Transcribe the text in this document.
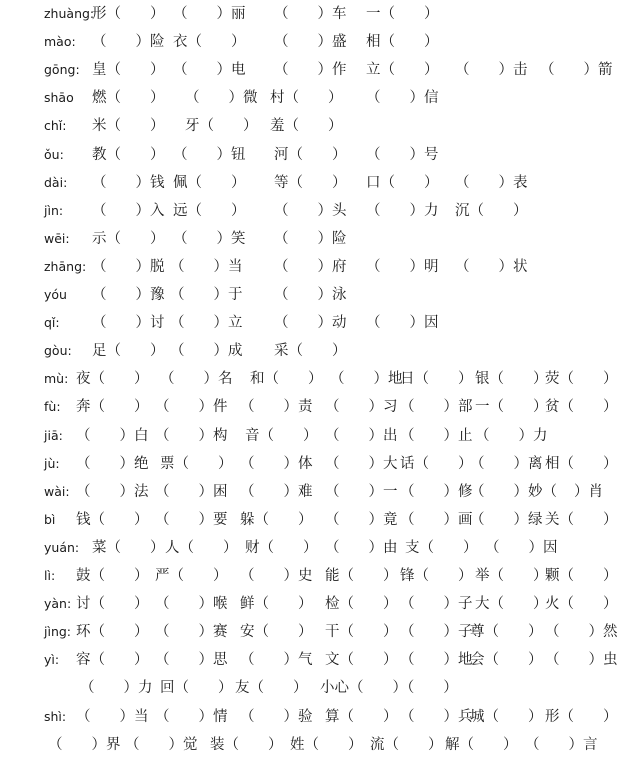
zhuàng:
形（　　） （　　）丽 （　　）车 一（　　）
mào: （　　）险 衣（　　） （　　）盛 相（　　）
gōng: 皇（　　） （　　）电 （　　）作 立（　　） （　　）击 （　　）箭
shāo 燃（　　） （　　）微 村（　　） （　　）信
chǐ: 米（　　） 牙（　　） 羞（　　）
ǒu: 教（　　） （　　）钮 河（　　） （　　）号
dài: （　　）钱 佩（　　） 等（　　） 口（　　） （　　）表
jìn: （　　）入 远（　　） （　　）头 （　　）力 沉（　　）
wēi: 示（　　） （　　）笑 （　　）险
zhāng: （　　）脱 （　　）当 （　　）府 （　　）明 （　　）状
yóu （　　）豫 （　　）于 （　　）泳
qǐ: （　　）讨 （　　）立 （　　）动 （　　）因
gòu: 足（　　） （　　）成 采（　　）
mù: 夜（　　） （　　）名 和（　　） （　　）地
日（　　） 银（　　）
荧（　　）
fù: 奔（　　） （　　）件 （　　）责 （　　）习 （　　）部 一（　　）
贫（　　）
jiā: （　　）白 （　　）构 音（　　） （　　）出 （　　）止 （　　）力
jù: （　　）绝 票（　　） （　　）体 （　　）大 话（　　）
（　　）离 相（　　）
wài: （　　）法 （　　）困 （　　）难 （　　）一 （　　）修
（　　）妙（
　　）肖
bì 钱（　　） （　　）要 躲（　　） （　　）竟 （　　）画
（　　）绿 关（　　）
yuán: 菜（　　） 人（　　） 财（　　） （　　）由 支（　　） （　　）因
lì: 鼓（　　） 严（　　） （　　）史 能（　　） 锋（　　） 举（　　）
颗（　　）
yàn: 讨（　　） （　　）喉 鲜（　　） 检（　　） （　　）子 大（　　）
火（　　）
jìng: 环（　　） （　　）赛 安（　　） 干（　　） （　　）子
尊（　　） （　　）然
yì: 容（　　） （　　）思 （　　）气 文（　　） （　　）地
会（　　） （　　）虫
（　　）力 回（　　） 友（　　） 小心（　　）（　　）
shì: （　　）当 （　　）情 （　　）验 算（　　） （　　）兵
城（　　） 形（　　）
（　　）界 （　　）觉 装（　　） 姓（　　） 流（　　） 解（　　） （　　）言
